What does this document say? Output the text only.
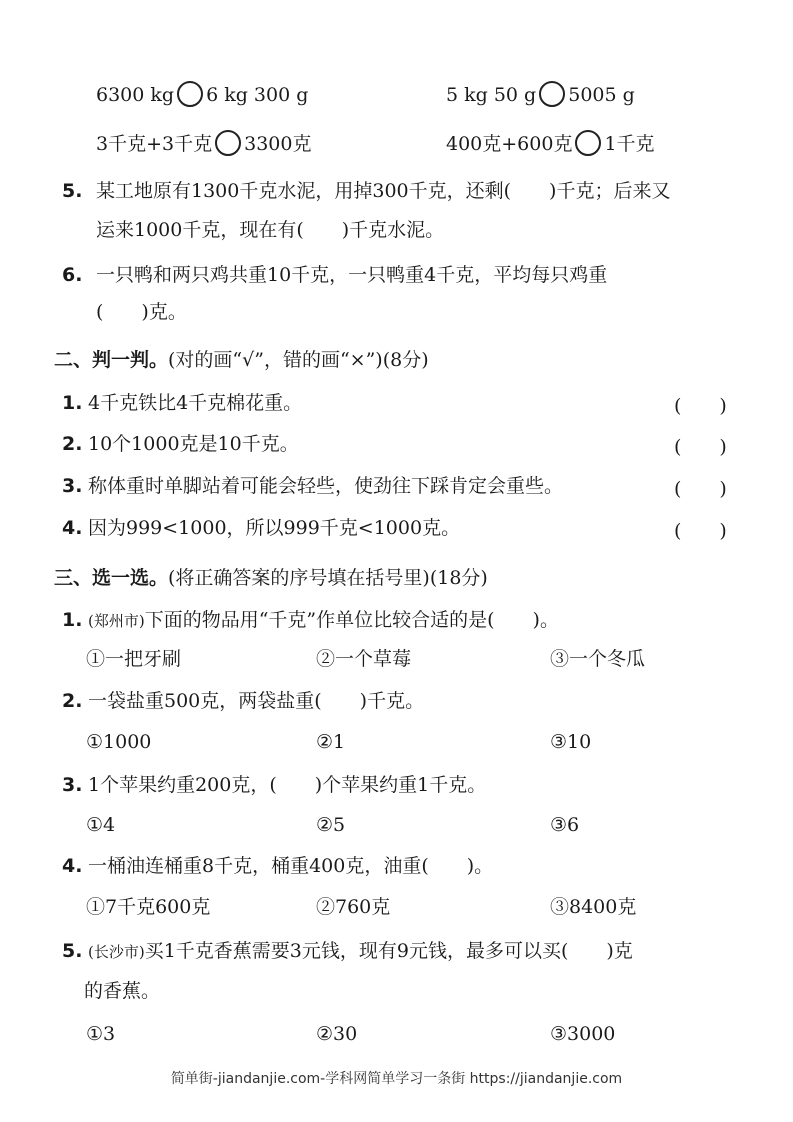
6300 kg 6 kg 300 g	5 kg 50 g 5005 g
3千克+3千克 3300克	400克+600克 1千克
5. 某工地原有1300千克水泥，用掉300千克，还剩(　　)千克；后来又
运来1000千克，现在有(　　)千克水泥。
6. 一只鸭和两只鸡共重10千克，一只鸭重4千克，平均每只鸡重
(　　)克。
二、判一判。(对的画“√”，错的画“×”)(8分)
1. 4千克铁比4千克棉花重。	(　　)
2. 10个1000克是10千克。	(　　)
3. 称体重时单脚站着可能会轻些，使劲往下踩肯定会重些。	(　　)
4. 因为999<1000，所以999千克<1000克。	(　　)
三、选一选。(将正确答案的序号填在括号里)(18分)
1. (郑州市)下面的物品用“千克”作单位比较合适的是(　　)。
①一把牙刷	②一个草莓	③一个冬瓜
2. 一袋盐重500克，两袋盐重(　　)千克。
①1000	②1	③10
3. 1个苹果约重200克，(　　)个苹果约重1千克。
①4	②5	③6
4. 一桶油连桶重8千克，桶重400克，油重(　　)。
①7千克600克	②760克	③8400克
5. (长沙市)买1千克香蕉需要3元钱，现有9元钱，最多可以买(　　)克
的香蕉。
①3	②30	③3000
简单街-jiandanjie.com-学科网简单学习一条街 https://jiandanjie.com
